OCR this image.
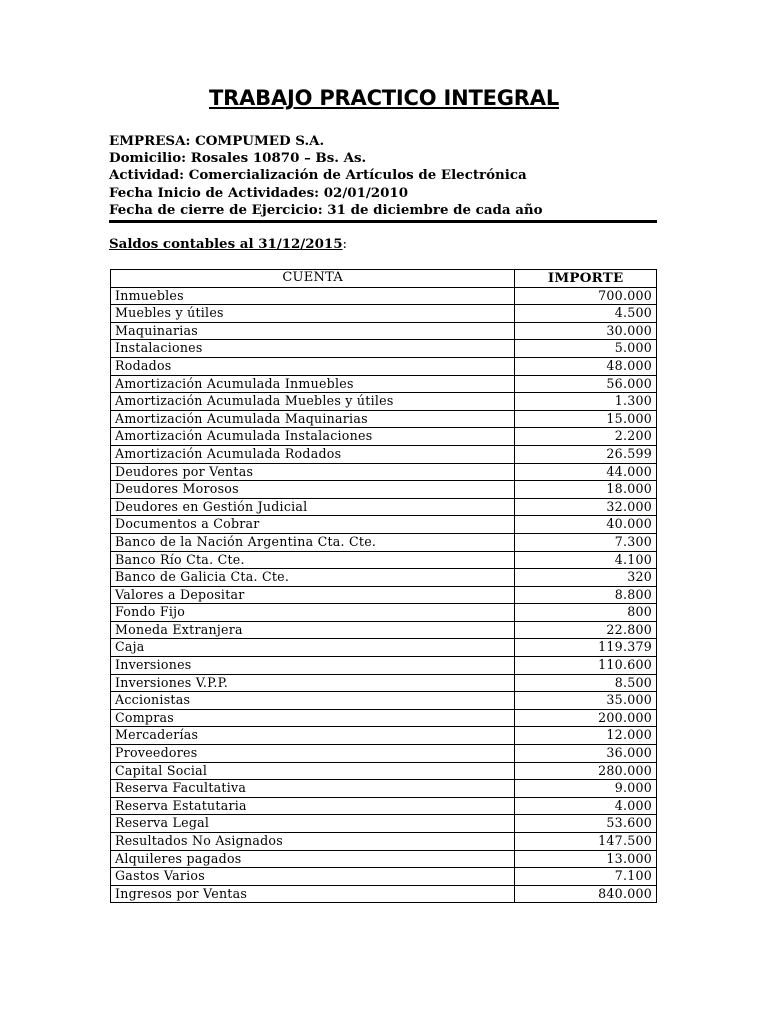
TRABAJO PRACTICO INTEGRAL
EMPRESA: COMPUMED S.A.
Domicilio: Rosales 10870 – Bs. As.
Actividad: Comercialización de Artículos de Electrónica
Fecha Inicio de Actividades: 02/01/2010
Fecha de cierre de Ejercicio: 31 de diciembre de cada año
Saldos contables al 31/12/2015:
CUENTA	IMPORTE
Inmuebles	700.000
Muebles y útiles	4.500
Maquinarias	30.000
Instalaciones	5.000
Rodados	48.000
Amortización Acumulada Inmuebles	56.000
Amortización Acumulada Muebles y útiles	1.300
Amortización Acumulada Maquinarias	15.000
Amortización Acumulada Instalaciones	2.200
Amortización Acumulada Rodados	26.599
Deudores por Ventas	44.000
Deudores Morosos	18.000
Deudores en Gestión Judicial	32.000
Documentos a Cobrar	40.000
Banco de la Nación Argentina Cta. Cte.	7.300
Banco Río Cta. Cte.	4.100
Banco de Galicia Cta. Cte.	320
Valores a Depositar	8.800
Fondo Fijo	800
Moneda Extranjera	22.800
Caja	119.379
Inversiones	110.600
Inversiones V.P.P.	8.500
Accionistas	35.000
Compras	200.000
Mercaderías	12.000
Proveedores	36.000
Capital Social	280.000
Reserva Facultativa	9.000
Reserva Estatutaria	4.000
Reserva Legal	53.600
Resultados No Asignados	147.500
Alquileres pagados	13.000
Gastos Varios	7.100
Ingresos por Ventas	840.000
